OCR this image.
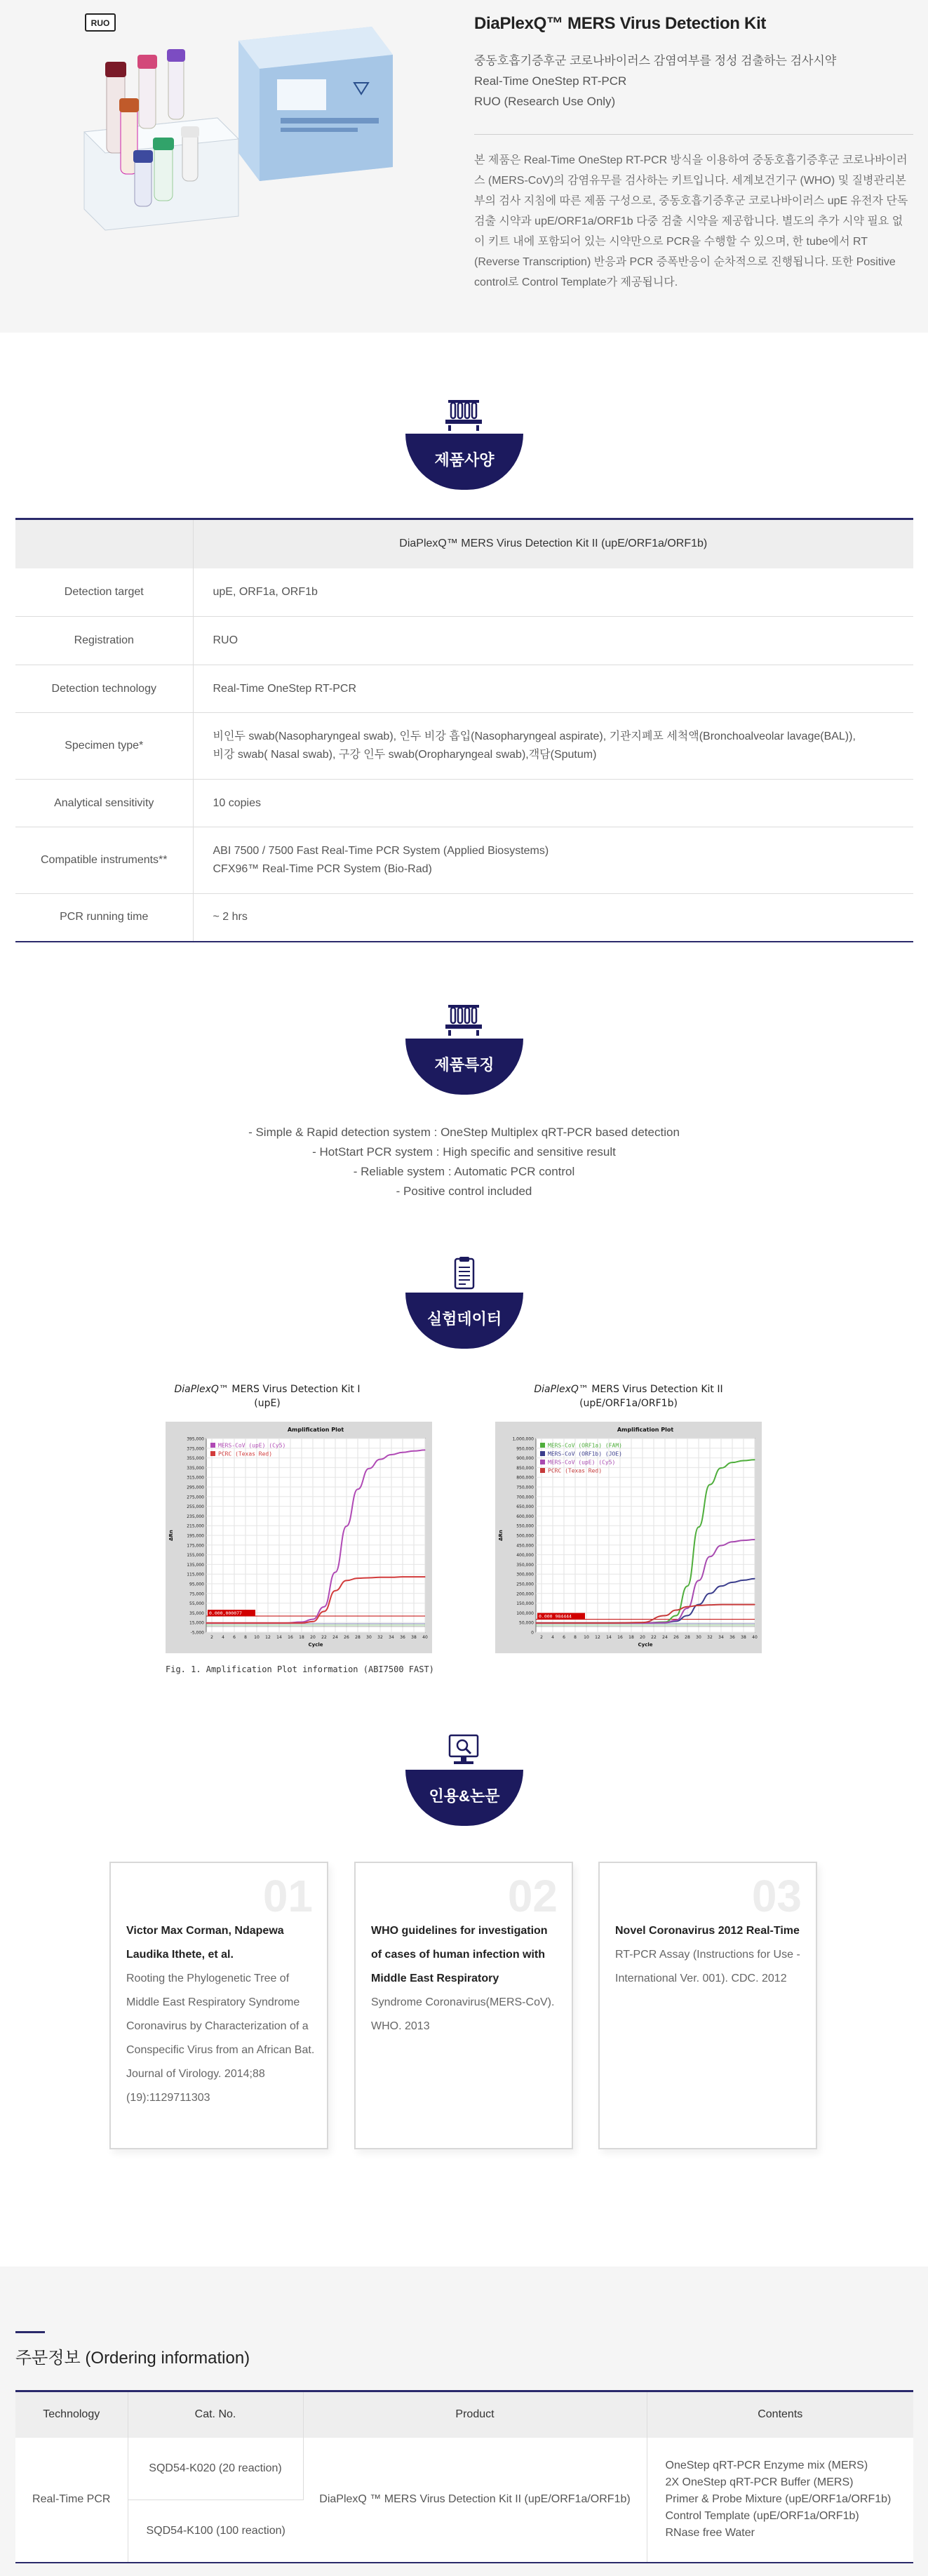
RUO	DiaPlexQ™ MERS Virus Detection Kit
중동호흡기증후군 코로나바이러스 감염여부를 정성 검출하는 검사시약
Real-Time OneStep RT-PCR
RUO (Research Use Only)
본 제품은 Real-Time OneStep RT-PCR 방식을 이용하여 중동호흡기증후군 코로나바이러스 (MERS-CoV)의 감염유무를 검사하는 키트입니다. 세계보건기구 (WHO) 및 질병관리본부의 검사 지침에 따른 제품 구성으로, 중동호흡기증후군 코로나바이러스 upE 유전자 단독검출 시약과 upE/ORF1a/ORF1b 다중 검출 시약을 제공합니다. 별도의 추가 시약 필요 없이 키트 내에 포함되어 있는 시약만으로 PCR을 수행할 수 있으며, 한 tube에서 RT (Reverse Transcription) 반응과 PCR 증폭반응이 순차적으로 진행됩니다. 또한 Positive control로 Control Template가 제공됩니다.
제품사양
	DiaPlexQ™ MERS Virus Detection Kit II (upE/ORF1a/ORF1b)
Detection target	upE, ORF1a, ORF1b
Registration	RUO
Detection technology	Real-Time OneStep RT-PCR
Specimen type*	비인두 swab(Nasopharyngeal swab), 인두 비강 흡입(Nasopharyngeal aspirate), 기관지폐포 세척액(Bronchoalveolar lavage(BAL)),
비강 swab( Nasal swab), 구강 인두 swab(Oropharyngeal swab),객담(Sputum)

Analytical sensitivity	10 copies
Compatible instruments**	ABI 7500 / 7500 Fast Real-Time PCR System (Applied Biosystems)
CFX96™ Real-Time PCR System (Bio-Rad)

PCR running time	~ 2 hrs
제품특징
- Simple & Rapid detection system : OneStep Multiplex qRT-PCR based detection
- HotStart PCR system : High specific and sensitive result
- Reliable system : Automatic PCR control
- Positive control included
실험데이터
DiaPlexQ™ MERS Virus Detection Kit I (upE)
Amplification Plot
395,000
375,000
355,000
335,000
315,000
295,000
275,000
255,000
235,000
215,000
195,000
175,000
155,000
135,000
115,000
95,000
75,000
55,000
35,000
15,000
-5,000
2 4 6 8 10 12 14 16 18 20 22 24 26 28 30 32 34 36 38 40
Cycle
ΔRn
0.000,000077
MERS-CoV (upE) (Cy5)
PCRC (Texas Red)
DiaPlexQ™ MERS Virus Detection Kit II
(upE/ORF1a/ORF1b)
Amplification Plot
1,000,000
950,000
900,000
850,000
800,000
750,000
700,000
650,000
600,000
550,000
500,000
450,000
400,000
350,000
300,000
250,000
200,000
150,000
100,000
50,000
0
2 4 6 8 10 12 14 16 18 20 22 24 26 28 30 32 34 36 38 40
Cycle
ΔRn
0.000 984444
MERS-CoV (ORF1a) (FAM)
MERS-CoV (ORF1b) (JOE)
MERS-CoV (upE) (Cy5)
PCRC (Texas Red)
Fig. 1. Amplification Plot information (ABI7500 FAST)
인용&논문
01
Victor Max Corman, Ndapewa Laudika Ithete, et al.
Rooting the Phylogenetic Tree of Middle East Respiratory Syndrome Coronavirus by Characterization of a Conspecific Virus from an African Bat. Journal of Virology. 2014;88 (19):1129711303
02
WHO guidelines for investigation of cases of human infection with Middle East Respiratory
Syndrome Coronavirus(MERS-CoV). WHO. 2013
03
Novel Coronavirus 2012 Real-Time
RT-PCR Assay (Instructions for Use - International Ver. 001). CDC. 2012
주문정보 (Ordering information)
Technology	Cat. No.	Product	Contents
Real-Time PCR	SQD54-K020 (20 reaction)	DiaPlexQ ™ MERS Virus Detection Kit II (upE/ORF1a/ORF1b)	OneStep qRT-PCR Enzyme mix (MERS)
2X OneStep qRT-PCR Buffer (MERS)
Primer & Probe Mixture (upE/ORF1a/ORF1b)
Control Template (upE/ORF1a/ORF1b)
RNase free Water

	SQD54-K100 (100 reaction)		
